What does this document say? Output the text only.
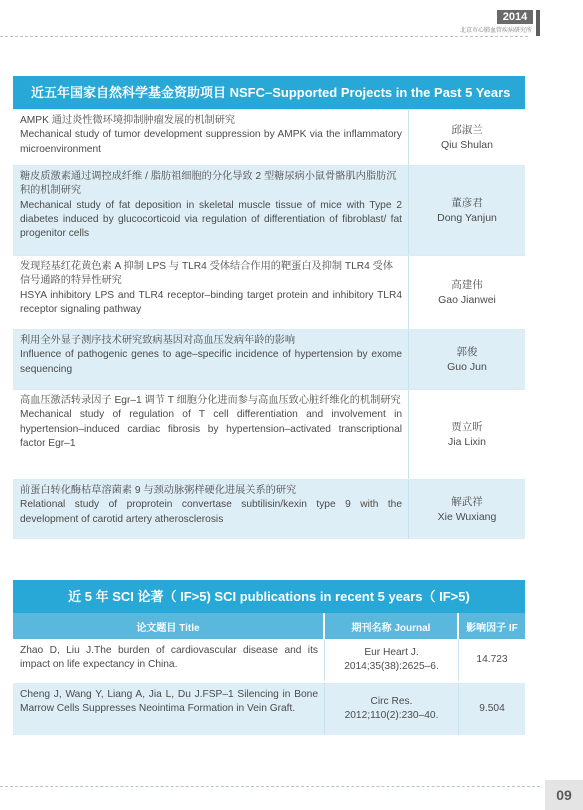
2014
北京市心肺血管疾病研究所
近五年国家自然科学基金资助项目 NSFC–Supported Projects in the Past 5 Years
AMPK 通过炎性微环境抑制肿瘤发展的机制研究
Mechanical study of tumor development suppression by AMPK via the inflammatory microenvironment
邱淑兰
Qiu Shulan
糖皮质激素通过调控成纤维 / 脂肪祖细胞的分化导致 2 型糖尿病小鼠骨骼肌内脂肪沉积的机制研究
Mechanical study of fat deposition in skeletal muscle tissue of mice with Type 2 diabetes induced by glucocorticoid via regulation of differentiation of fibroblast/ fat progenitor cells
董彦君
Dong Yanjun
发现羟基红花黄色素 A 抑制 LPS 与 TLR4 受体结合作用的靶蛋白及抑制 TLR4 受体信号通路的特异性研究
HSYA inhibitory LPS and TLR4 receptor–binding target protein and inhibitory TLR4 receptor signaling pathway
高建伟
Gao Jianwei
利用全外显子测序技术研究致病基因对高血压发病年龄的影响
Influence of pathogenic genes to age–specific incidence of hypertension by exome sequencing
郭俊
Guo Jun
高血压激活转录因子 Egr–1 调节 T 细胞分化进而参与高血压致心脏纤维化的机制研究
Mechanical study of regulation of T cell differentiation and involvement in hypertension–induced cardiac fibrosis by hypertension–activated transcriptional factor Egr–1
贾立昕
Jia Lixin
前蛋白转化酶枯草溶菌素 9 与颈动脉粥样硬化进展关系的研究
Relational study of proprotein convertase subtilisin/kexin type 9 with the development of carotid artery atherosclerosis
解武祥
Xie Wuxiang
近 5 年 SCI 论著（ IF>5) SCI publications in recent 5 years（ IF>5)
论文题目 Title	期刊名称 Journal	影响因子 IF
Zhao D, Liu J.The burden of cardiovascular disease and its impact on life expectancy in China.
Eur Heart J.
2014;35(38):2625–6.
14.723
Cheng J, Wang Y, Liang A, Jia L, Du J.FSP–1 Silencing in Bone Marrow Cells Suppresses Neointima Formation in Vein Graft.
Circ Res.
2012;110(2):230–40.
9.504
09
